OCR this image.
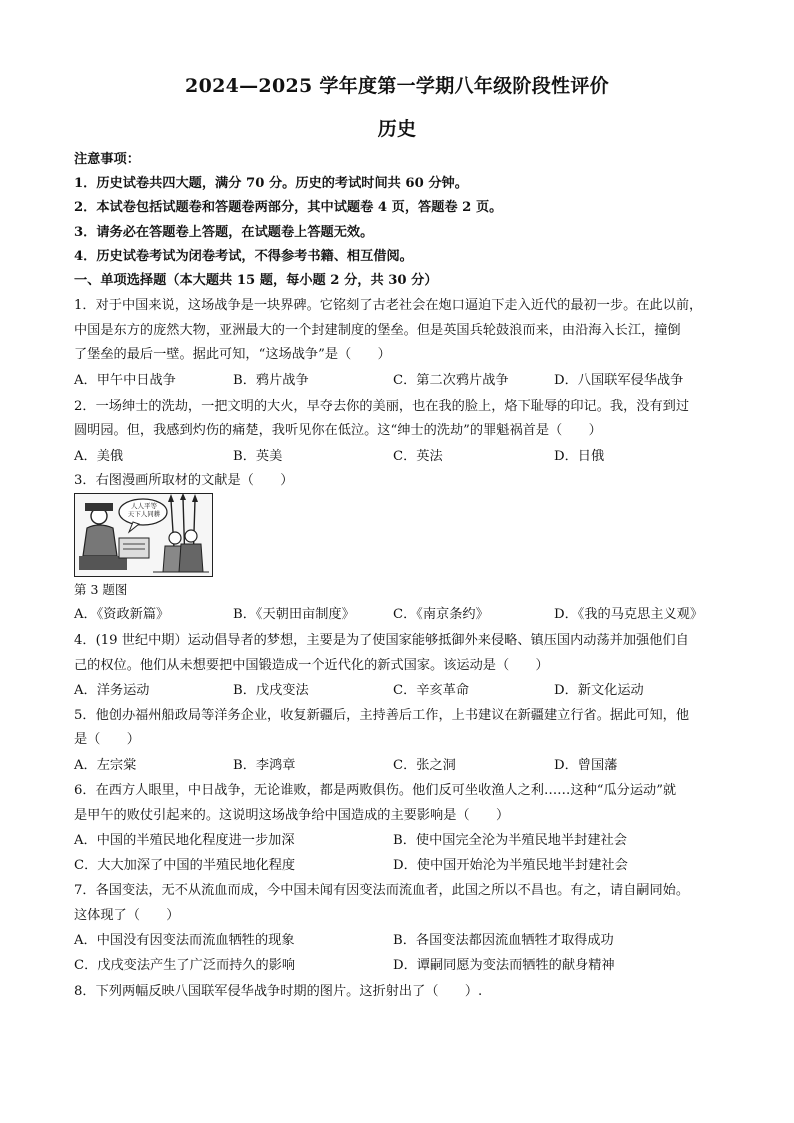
2024—2025 学年度第一学期八年级阶段性评价
历史
注意事项：
1．历史试卷共四大题，满分 70 分。历史的考试时间共 60 分钟。
2．本试卷包括试题卷和答题卷两部分，其中试题卷 4 页，答题卷 2 页。
3．请务必在答题卷上答题，在试题卷上答题无效。
4．历史试卷考试为闭卷考试，不得参考书籍、相互借阅。
一、单项选择题（本大题共 15 题，每小题 2 分，共 30 分）
1．对于中国来说，这场战争是一块界碑。它铭刻了古老社会在炮口逼迫下走入近代的最初一步。在此以前，
中国是东方的庞然大物，亚洲最大的一个封建制度的堡垒。但是英国兵轮鼓浪而来，由沿海入长江，撞倒
了堡垒的最后一壁。据此可知，“这场战争”是（　　）
A．甲午中日战争	B．鸦片战争	C．第二次鸦片战争	D．八国联军侵华战争
2．一场绅士的洗劫，一把文明的大火，早夺去你的美丽，也在我的脸上，烙下耻辱的印记。我，没有到过
圆明园。但，我感到灼伤的痛楚，我听见你在低泣。这“绅士的洗劫”的罪魁祸首是（　　）
A．美俄	B．英美	C．英法	D．日俄
3．右图漫画所取材的文献是（　　）
人人平等
天下人同耕
第 3 题图
A．《资政新篇》	B．《天朝田亩制度》	C．《南京条约》	D．《我的马克思主义观》
4．(19 世纪中期）运动倡导者的梦想，主要是为了使国家能够抵御外来侵略、镇压国内动荡并加强他们自
己的权位。他们从未想要把中国锻造成一个近代化的新式国家。该运动是（　　）
A．洋务运动	B．戊戌变法	C．辛亥革命	D．新文化运动
5．他创办福州船政局等洋务企业，收复新疆后，主持善后工作，上书建议在新疆建立行省。据此可知，他
是（　　）
A．左宗棠	B．李鸿章	C．张之洞	D．曾国藩
6．在西方人眼里，中日战争，无论谁败，都是两败俱伤。他们反可坐收渔人之利……这种“瓜分运动”就
是甲午的败仗引起来的。这说明这场战争给中国造成的主要影响是（　　）
A．中国的半殖民地化程度进一步加深	B．使中国完全沦为半殖民地半封建社会
C．大大加深了中国的半殖民地化程度	D．使中国开始沦为半殖民地半封建社会
7．各国变法，无不从流血而成，今中国未闻有因变法而流血者，此国之所以不昌也。有之，请自嗣同始。
这体现了（　　）
A．中国没有因变法而流血牺牲的现象	B．各国变法都因流血牺牲才取得成功
C．戊戌变法产生了广泛而持久的影响	D．谭嗣同愿为变法而牺牲的献身精神
8．下列两幅反映八国联军侵华战争时期的图片。这折射出了（　　）.
